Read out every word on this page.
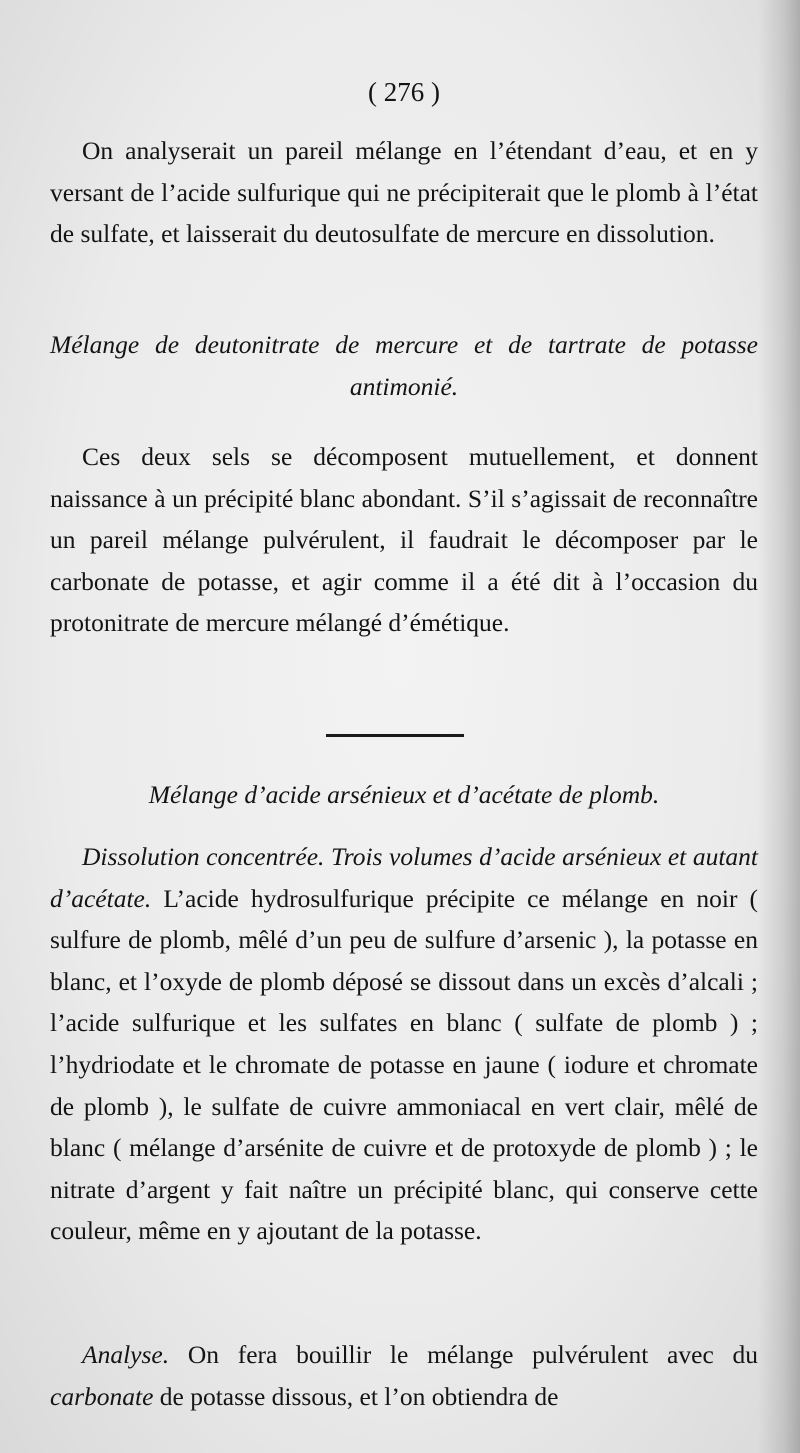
( 276 )

On analyserait un pareil mélange en l’étendant d’eau, et en y versant de l’acide sulfurique qui ne précipiterait que le plomb à l’état de sulfate, et laisserait du deutosulfate de mercure en dissolution.

Mélange de deutonitrate de mercure et de tartrate de potasse antimonié.

Ces deux sels se décomposent mutuellement, et donnent naissance à un précipité blanc abondant. S’il s’agissait de reconnaître un pareil mélange pulvérulent, il faudrait le décomposer par le carbonate de potasse, et agir comme il a été dit à l’occasion du protonitrate de mercure mélangé d’émétique.

Mélange d’acide arsénieux et d’acétate de plomb.

Dissolution concentrée. Trois volumes d’acide arsénieux et autant d’acétate. L’acide hydrosulfurique précipite ce mélange en noir ( sulfure de plomb, mêlé d’un peu de sulfure d’arsenic ), la potasse en blanc, et l’oxyde de plomb déposé se dissout dans un excès d’alcali ; l’acide sulfurique et les sulfates en blanc ( sulfate de plomb ) ; l’hydriodate et le chromate de potasse en jaune ( iodure et chromate de plomb ), le sulfate de cuivre ammoniacal en vert clair, mêlé de blanc ( mélange d’arsénite de cuivre et de protoxyde de plomb ) ; le nitrate d’argent y fait naître un précipité blanc, qui conserve cette couleur, même en y ajoutant de la potasse.

Analyse. On fera bouillir le mélange pulvérulent avec du carbonate de potasse dissous, et l’on obtiendra de
